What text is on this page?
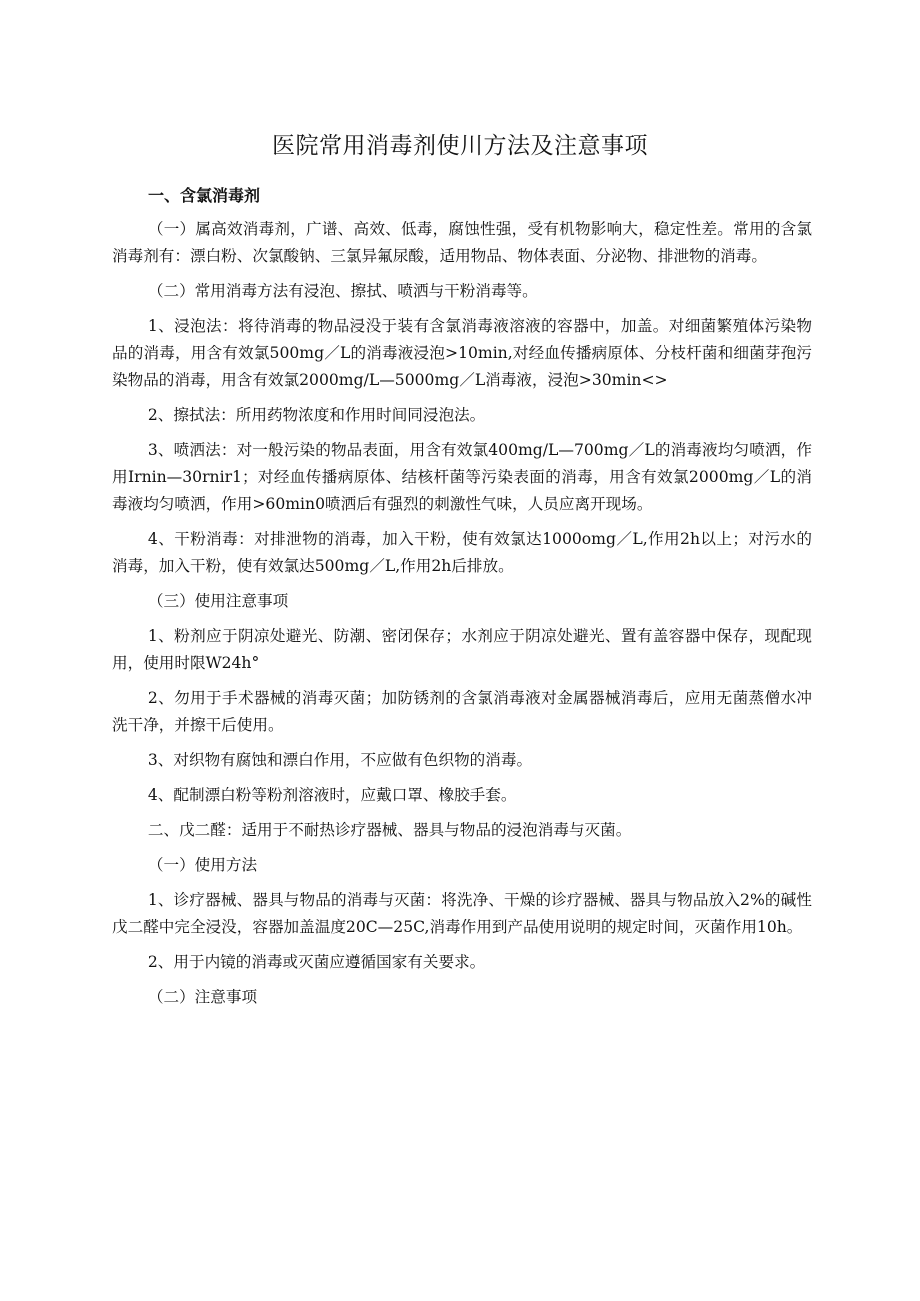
医院常用消毒剂使川方法及注意事项
一、含氯消毒剂

（一）属高效消毒剂，广谱、高效、低毒，腐蚀性强，受有机物影响大，稳定性差。常用的含氯消毒剂有：漂白粉、次氯酸钠、三氯异氟尿酸，适用物品、物体表面、分泌物、排泄物的消毒。

（二）常用消毒方法有浸泡、擦拭、喷洒与干粉消毒等。

1、浸泡法：将待消毒的物品浸没于装有含氯消毒液溶液的容器中，加盖。对细菌繁殖体污染物品的消毒，用含有效氯500mg／L的消毒液浸泡>10min,对经血传播病原体、分枝杆菌和细菌芽孢污染物品的消毒，用含有效氯2000mg/L—5000mg／L消毒液，浸泡>30min<>

2、擦拭法：所用药物浓度和作用时间同浸泡法。

3、喷洒法：对一般污染的物品表面，用含有效氯400mg/L—700mg／L的消毒液均匀喷洒，作用Irnin—30rnir1；对经血传播病原体、结核杆菌等污染表面的消毒，用含有效氯2000mg／L的消毒液均匀喷洒，作用>60min0喷洒后有强烈的刺激性气味，人员应离开现场。

4、干粉消毒：对排泄物的消毒，加入干粉，使有效氯达1000omg／L,作用2h以上；对污水的消毒，加入干粉，使有效氯达500mg／L,作用2h后排放。

（三）使用注意事项

1、粉剂应于阴凉处避光、防潮、密闭保存；水剂应于阴凉处避光、置有盖容器中保存，现配现用，使用时限W24h°

2、勿用于手术器械的消毒灭菌；加防锈剂的含氯消毒液对金属器械消毒后，应用无菌蒸僧水冲洗干净，并擦干后使用。

3、对织物有腐蚀和漂白作用，不应做有色织物的消毒。

4、配制漂白粉等粉剂溶液时，应戴口罩、橡胶手套。

二、戊二醛：适用于不耐热诊疗器械、器具与物品的浸泡消毒与灭菌。

（一）使用方法

1、诊疗器械、器具与物品的消毒与灭菌：将洗净、干燥的诊疗器械、器具与物品放入2%的碱性戊二醛中完全浸没，容器加盖温度20C—25C,消毒作用到产品使用说明的规定时间，灭菌作用10h。

2、用于内镜的消毒或灭菌应遵循国家有关要求。

（二）注意事项
